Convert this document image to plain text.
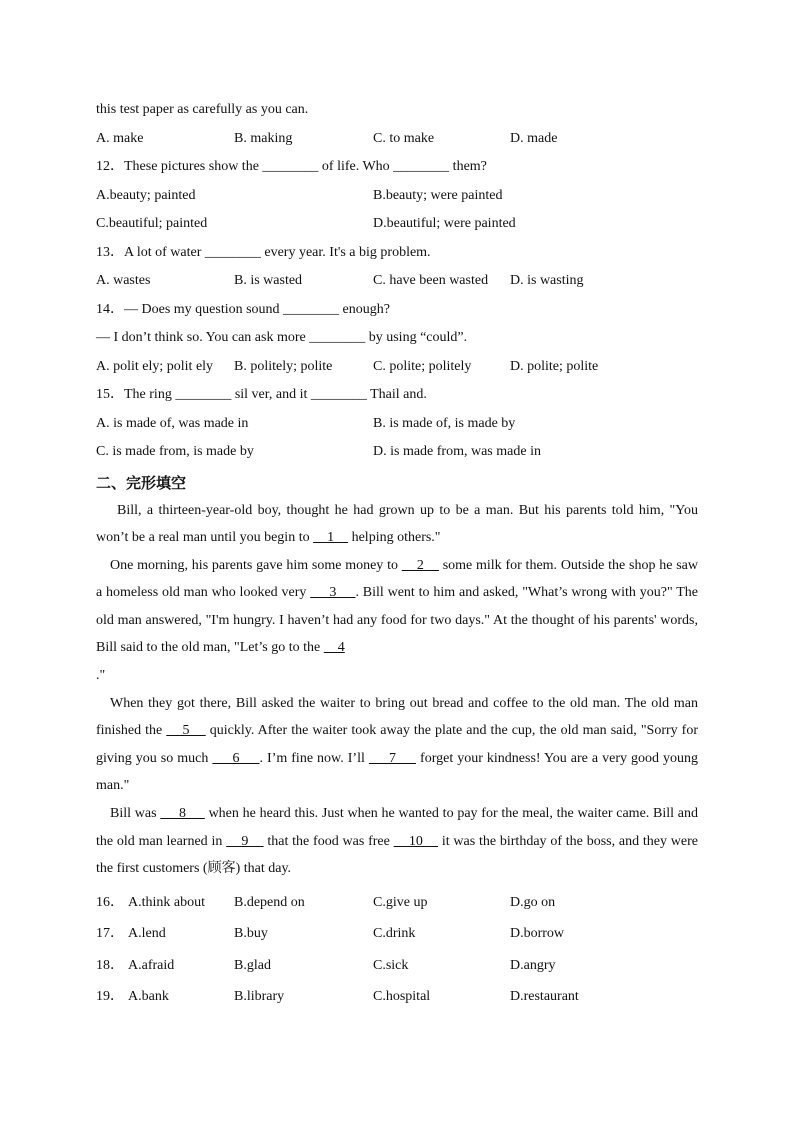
this test paper as carefully as you can.
A. make	B. making	C. to make	D. made
12．These pictures show the ________ of life. Who ________ them?
A.beauty; painted	B.beauty; were painted
C.beautiful; painted	D.beautiful; were painted
13．A lot of water ________ every year. It's a big problem.
A. wastes	B. is wasted	C. have been wasted D. is wasting
14．— Does my question sound ________ enough?
— I don’t think so. You can ask more ________ by using “could”.
A. polit ely; polit ely B. politely; polite	C. polite; politely	D. polite; polite
15．The ring ________ sil ver, and it ________ Thail and.
A. is made of, was made in	B. is made of, is made by
C. is made from, is made by	D. is made from, was made in
二、完形填空

Bill, a thirteen-year-old boy, thought he had grown up to be a man. But his parents told him, "You won’t be a real man until you begin to     1     helping others."

One morning, his parents gave him some money to     2     some milk for them. Outside the shop he saw a homeless old man who looked very      3     . Bill went to him and asked, "What’s wrong with you?" The old man answered, "I'm hungry. I haven’t had any food for two days." At the thought of his parents' words, Bill said to the old man, "Let’s go to the     4
."

When they got there, Bill asked the waiter to bring out bread and coffee to the old man. The old man finished the     5     quickly. After the waiter took away the plate and the cup, the old man said, "Sorry for giving you so much      6     . I’m fine now. I’ll      7      forget your kindness! You are a very good young man."

Bill was      8      when he heard this. Just when he wanted to pay for the meal, the waiter came. Bill and the old man learned in     9     that the food was free     10     it was the birthday of the boss, and they were the first customers (顾客) that day.

16． A.think about B.depend on	C.give up	D.go on
17． A.lend	B.buy	C.drink	D.borrow
18． A.afraid	B.glad	C.sick	D.angry
19． A.bank	B.library	C.hospital	D.restaurant
